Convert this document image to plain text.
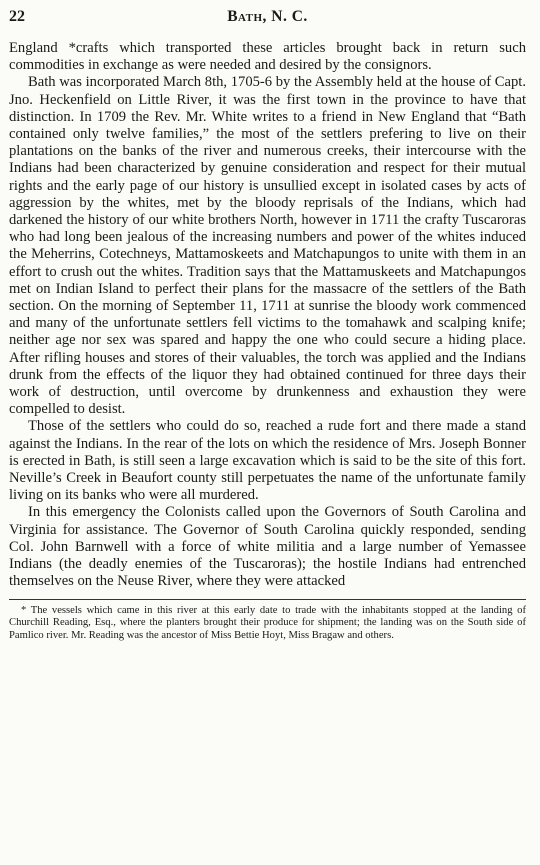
22	Bath, N. C.

England *crafts which transported these articles brought back in return such commodities in exchange as were needed and desired by the consignors.

Bath was incorporated March 8th, 1705-6 by the Assembly held at the house of Capt. Jno. Heckenfield on Little River, it was the first town in the province to have that distinction. In 1709 the Rev. Mr. White writes to a friend in New England that “Bath contained only twelve families,” the most of the settlers prefering to live on their plantations on the banks of the river and numerous creeks, their intercourse with the Indians had been characterized by genuine consideration and respect for their mutual rights and the early page of our history is unsullied except in isolated cases by acts of aggression by the whites, met by the bloody reprisals of the Indians, which had darkened the history of our white brothers North, however in 1711 the crafty Tuscaroras who had long been jealous of the increasing numbers and power of the whites induced the Meherrins, Cotechneys, Mattamoskeets and Matchapungos to unite with them in an effort to crush out the whites. Tradition says that the Mattamuskeets and Matchapungos met on Indian Island to perfect their plans for the massacre of the settlers of the Bath section. On the morning of September 11, 1711 at sunrise the bloody work commenced and many of the unfortunate settlers fell victims to the tomahawk and scalping knife; neither age nor sex was spared and happy the one who could secure a hiding place. After rifling houses and stores of their valuables, the torch was applied and the Indians drunk from the effects of the liquor they had obtained continued for three days their work of destruction, until overcome by drunkenness and exhaustion they were compelled to desist.

Those of the settlers who could do so, reached a rude fort and there made a stand against the Indians. In the rear of the lots on which the residence of Mrs. Joseph Bonner is erected in Bath, is still seen a large excavation which is said to be the site of this fort. Neville’s Creek in Beaufort county still perpetuates the name of the unfortunate family living on its banks who were all murdered.

In this emergency the Colonists called upon the Governors of South Carolina and Virginia for assistance. The Governor of South Carolina quickly responded, sending Col. John Barnwell with a force of white militia and a large number of Yemassee Indians (the deadly enemies of the Tuscaroras); the hostile Indians had entrenched themselves on the Neuse River, where they were attacked

* The vessels which came in this river at this early date to trade with the inhabitants stopped at the landing of Churchill Reading, Esq., where the planters brought their produce for shipment; the landing was on the South side of Pamlico river. Mr. Reading was the ancestor of Miss Bettie Hoyt, Miss Bragaw and others.
